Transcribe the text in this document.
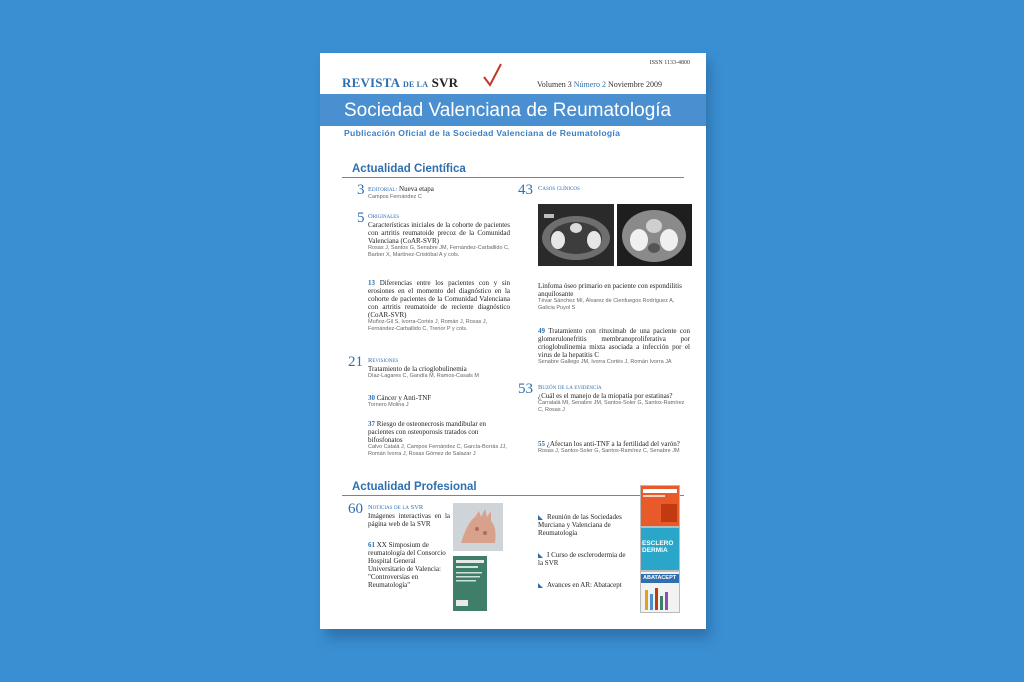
ISSN 1133-4800
REVISTA DE LA SVR	Volumen 3 Número 2 Noviembre 2009
Sociedad Valenciana de Reumatología
Publicación Oficial de la Sociedad Valenciana de Reumatología
Actualidad Científica
3 Editorial: Nueva etapa
Campos Fernández C
5 Originales
Características iniciales de la cohorte de pacientes con artritis reumatoide precoz de la Comunidad Valenciana (CoAR-SVR)
Rosas J, Santos G, Senabre JM, Fernández-Carballido C, Barber X, Martínez-Cristóbal A y cols.
13 Diferencias entre los pacientes con y sin erosiones en el momento del diagnóstico en la cohorte de pacientes de la Comunidad Valenciana con artritis reumatoide de reciente diagnóstico (CoAR-SVR)
Muñoz-Gil S, Ivorra-Cortés J, Román J, Rosas J, Fernández-Carballido C, Trenor P y cols.
21 Revisiones
Tratamiento de la crioglobulinemia
Díaz-Lagares C, Gandía M, Ramos-Casals M
30 Cáncer y Anti-TNF
Tornero Molina J
37 Riesgo de osteonecrosis mandibular en pacientes con osteoporosis tratados con bifosfonatos
Calvo Catalá J, Campos Fernández C, García-Borrás JJ, Román Ivorra J, Rosas Gómez de Salazar J
43 Casos clínicos
Linfoma óseo primario en paciente con espondilitis anquilosante
Tévar Sánchez MI, Álvarez de Cienfuegos Rodríguez A, Galicia Puyol S
49 Tratamiento con rituximab de una paciente con glomerulonefritis membranoproliferativa por crioglobulinemia mixta asociada a infección por el virus de la hepatitis C
Senabre Gallego JM, Ivorra Cortés J, Román Ivorra JA
53 Buzón de la evidencia
¿Cuál es el manejo de la miopatía por estatinas?
Carratalá MI, Senabre JM, Santos-Soler G, Santos-Ramírez C, Rosas J
55 ¿Afectan los anti-TNF a la fertilidad del varón?
Rosas J, Santos-Soler G, Santos-Ramírez C, Senabre JM
Actualidad Profesional
60 Noticias de la SVR
Imágenes interactivas en la página web de la SVR
61 XX Simposium de reumatología del Consorcio Hospital General Universitario de Valencia: "Controversias en Reumatología"
Reunión de las Sociedades Murciana y Valenciana de Reumatología
I Curso de esclerodermia de la SVR
Avances en AR: Abatacept
ESCLERODERMIA
ABATACEPT
